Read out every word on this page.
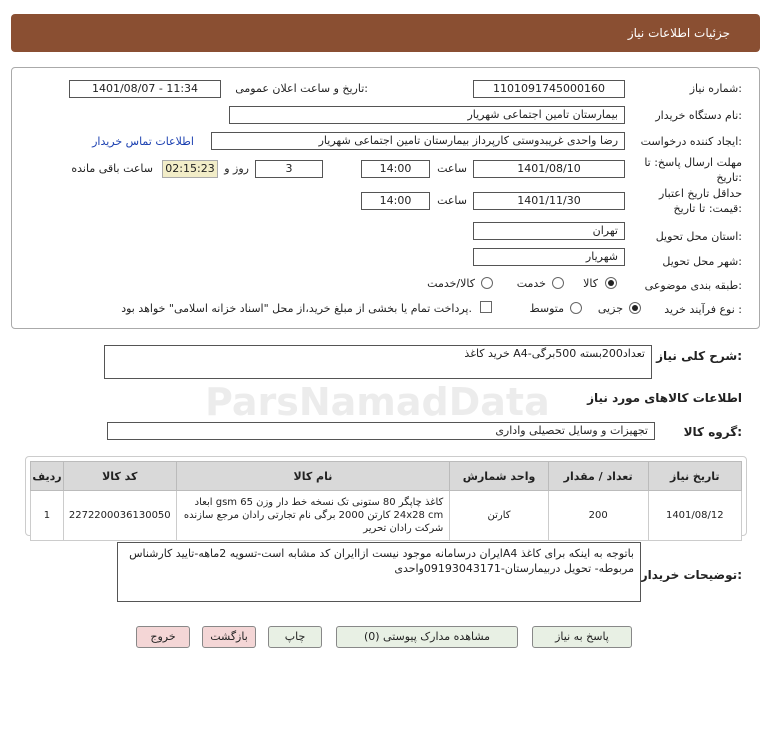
جزئیات اطلاعات نیاز
شماره نیاز:
1101091745000160
تاریخ و ساعت اعلان عمومی:
1401/08/07 - 11:34
نام دستگاه خریدار:
بیمارستان تامین اجتماعی شهریار
ایجاد کننده درخواست:
رضا واحدی غریبدوستی کارپرداز بیمارستان تامین اجتماعی شهریار
اطلاعات تماس خریدار
مهلت ارسال پاسخ: تا تاریخ:
1401/08/10
ساعت
14:00
3
روز و
02:15:23
ساعت باقی مانده
حداقل تاریخ اعتبار قیمت: تا تاریخ:
1401/11/30
ساعت
14:00
استان محل تحویل:
تهران
شهر محل تحویل:
شهریار
طبقه بندی موضوعی:
کالا
خدمت
کالا/خدمت
نوع فرآیند خرید :
جزیی
متوسط
پرداخت تمام یا بخشی از مبلغ خرید،از محل "اسناد خزانه اسلامی" خواهد بود.
شرح کلی نیاز:
خرید کاغذ A4-تعداد200بسته 500برگی
اطلاعات کالاهای مورد نیاز
گروه کالا:
تجهیزات و وسایل تحصیلی واداری
ردیف	کد کالا	نام کالا	واحد شمارش	تعداد / مقدار	تاریخ نیاز
1	2272200036130050	کاغذ چاپگر 80 ستونی تک نسخه خط دار وزن 65 gsm ابعاد 24x28 cm کارتن 2000 برگی نام تجارتی رادان مرجع سازنده شرکت رادان تحریر	کارتن	200	1401/08/12
توضیحات خریدار:
باتوجه به اینکه برای کاغذ A4ایران درسامانه موجود نیست ازاایران کد مشابه است-تسویه 2ماهه-تایید کارشناس مربوطه- تحویل دربیمارستان-09193043171واحدی
پاسخ به نیاز
مشاهده مدارک پیوستی (0)
چاپ
بازگشت
خروج
ParsNamadData
